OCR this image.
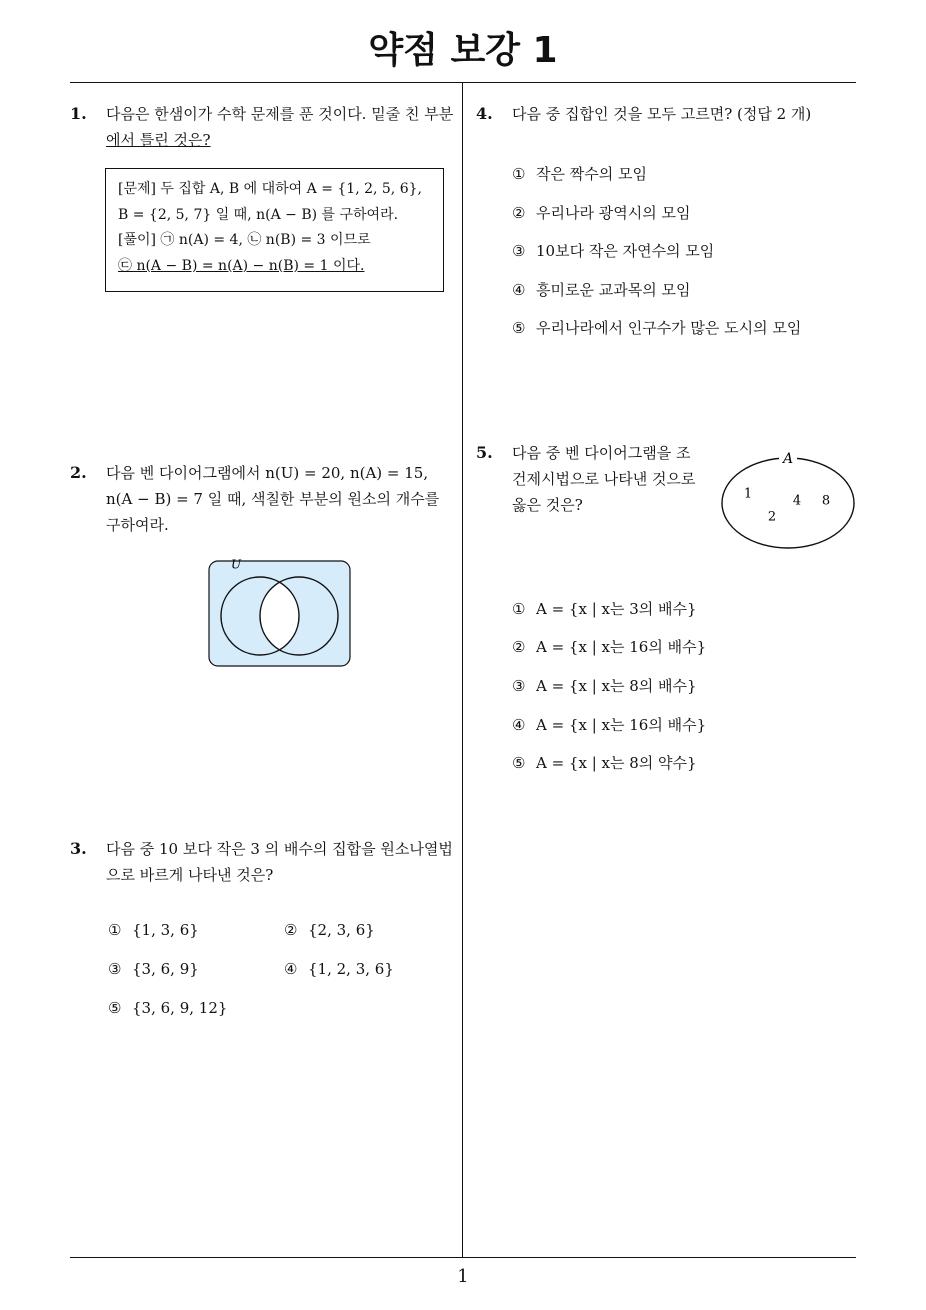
약점 보강 1
1
1. 다음은 한샘이가 수학 문제를 푼 것이다. 밑줄 친 부분
에서 틀린 것은?
[문제] 두 집합 A, B 에 대하여 A = {1, 2, 5, 6},
B = {2, 5, 7} 일 때, n(A − B) 를 구하여라.
[풀이] ㉠ n(A) = 4, ㉡ n(B) = 3 이므로
㉢ n(A − B) = n(A) − n(B) = 1 이다.
2. 다음 벤 다이어그램에서 n(U) = 20, n(A) = 15,
n(A − B) = 7 일 때, 색칠한 부분의 원소의 개수를
구하여라.
U
3. 다음 중 10 보다 작은 3 의 배수의 집합을 원소나열법
으로 바르게 나타낸 것은?
① {1, 3, 6}	② {2, 3, 6}
③ {3, 6, 9}	④ {1, 2, 3, 6}
⑤ {3, 6, 9, 12}
4. 다음 중 집합인 것을 모두 고르면? (정답 2 개)
① 작은 짝수의 모임
② 우리나라 광역시의 모임
③ 10보다 작은 자연수의 모임
④ 흥미로운 교과목의 모임
⑤ 우리나라에서 인구수가 많은 도시의 모임
5. 다음 중 벤 다이어그램을 조
건제시법으로 나타낸 것으로
옳은 것은?
A
1	4 8
2
① A = {x | x는 3의 배수}
② A = {x | x는 16의 배수}
③ A = {x | x는 8의 배수}
④ A = {x | x는 16의 배수}
⑤ A = {x | x는 8의 약수}
